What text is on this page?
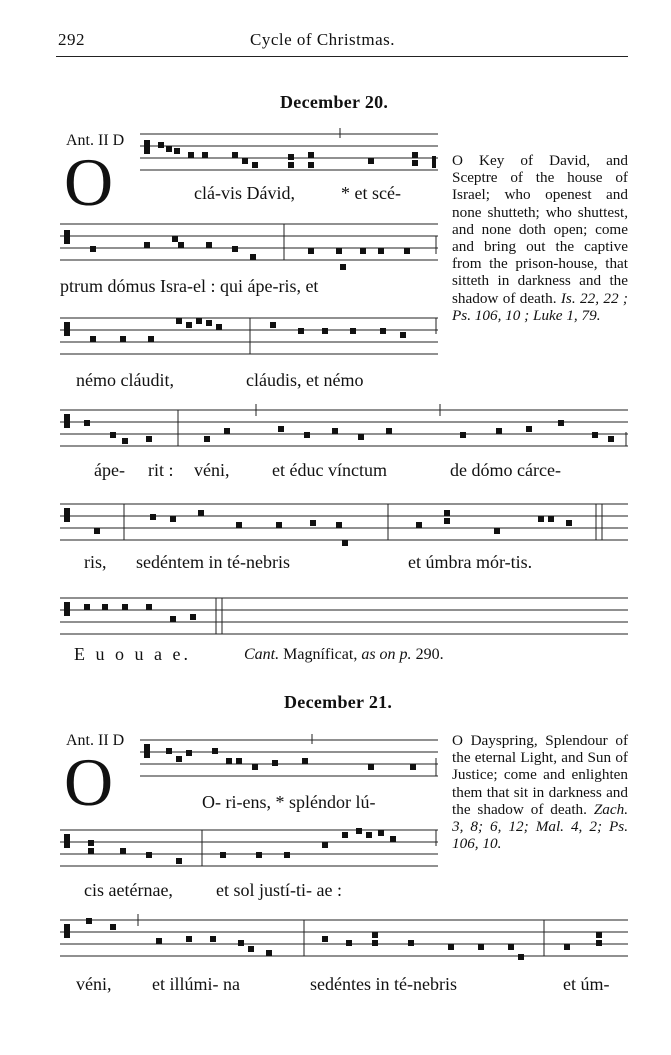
292	Cycle of Christmas.
December 20.
Ant. II D
O	clá-vis Dávid,	* et scé-
ptrum dómus Isra-el : qui ápe-ris, et
némo cláudit,	cláudis, et némo

O Key of David, and Sceptre of the house of Israel; who openest and none shutteth; who shuttest, and none doth open; come and bring out the captive from the prison-house, that sitteth in darkness and the shadow of death. Is. 22, 22 ; Ps. 106, 10 ; Luke 1, 79.

ápe- rit : véni, et éduc vínctum	de dómo cárce-
ris, sedéntem in té-nebris	et úmbra mór-tis.
E u o u a e.	Cant. Magníficat, as on p. 290.
December 21.
Ant. II D
O	O- ri-ens, * spléndor lú-
cis aetérnae, et sol justí-ti- ae :

O Dayspring, Splendour of the eternal Light, and Sun of Justice; come and enlighten them that sit in darkness and the shadow of death. Zach. 3, 8; 6, 12; Mal. 4, 2; Ps. 106, 10.

véni, et illúmi- na	sedéntes in té-nebris	et úm-
